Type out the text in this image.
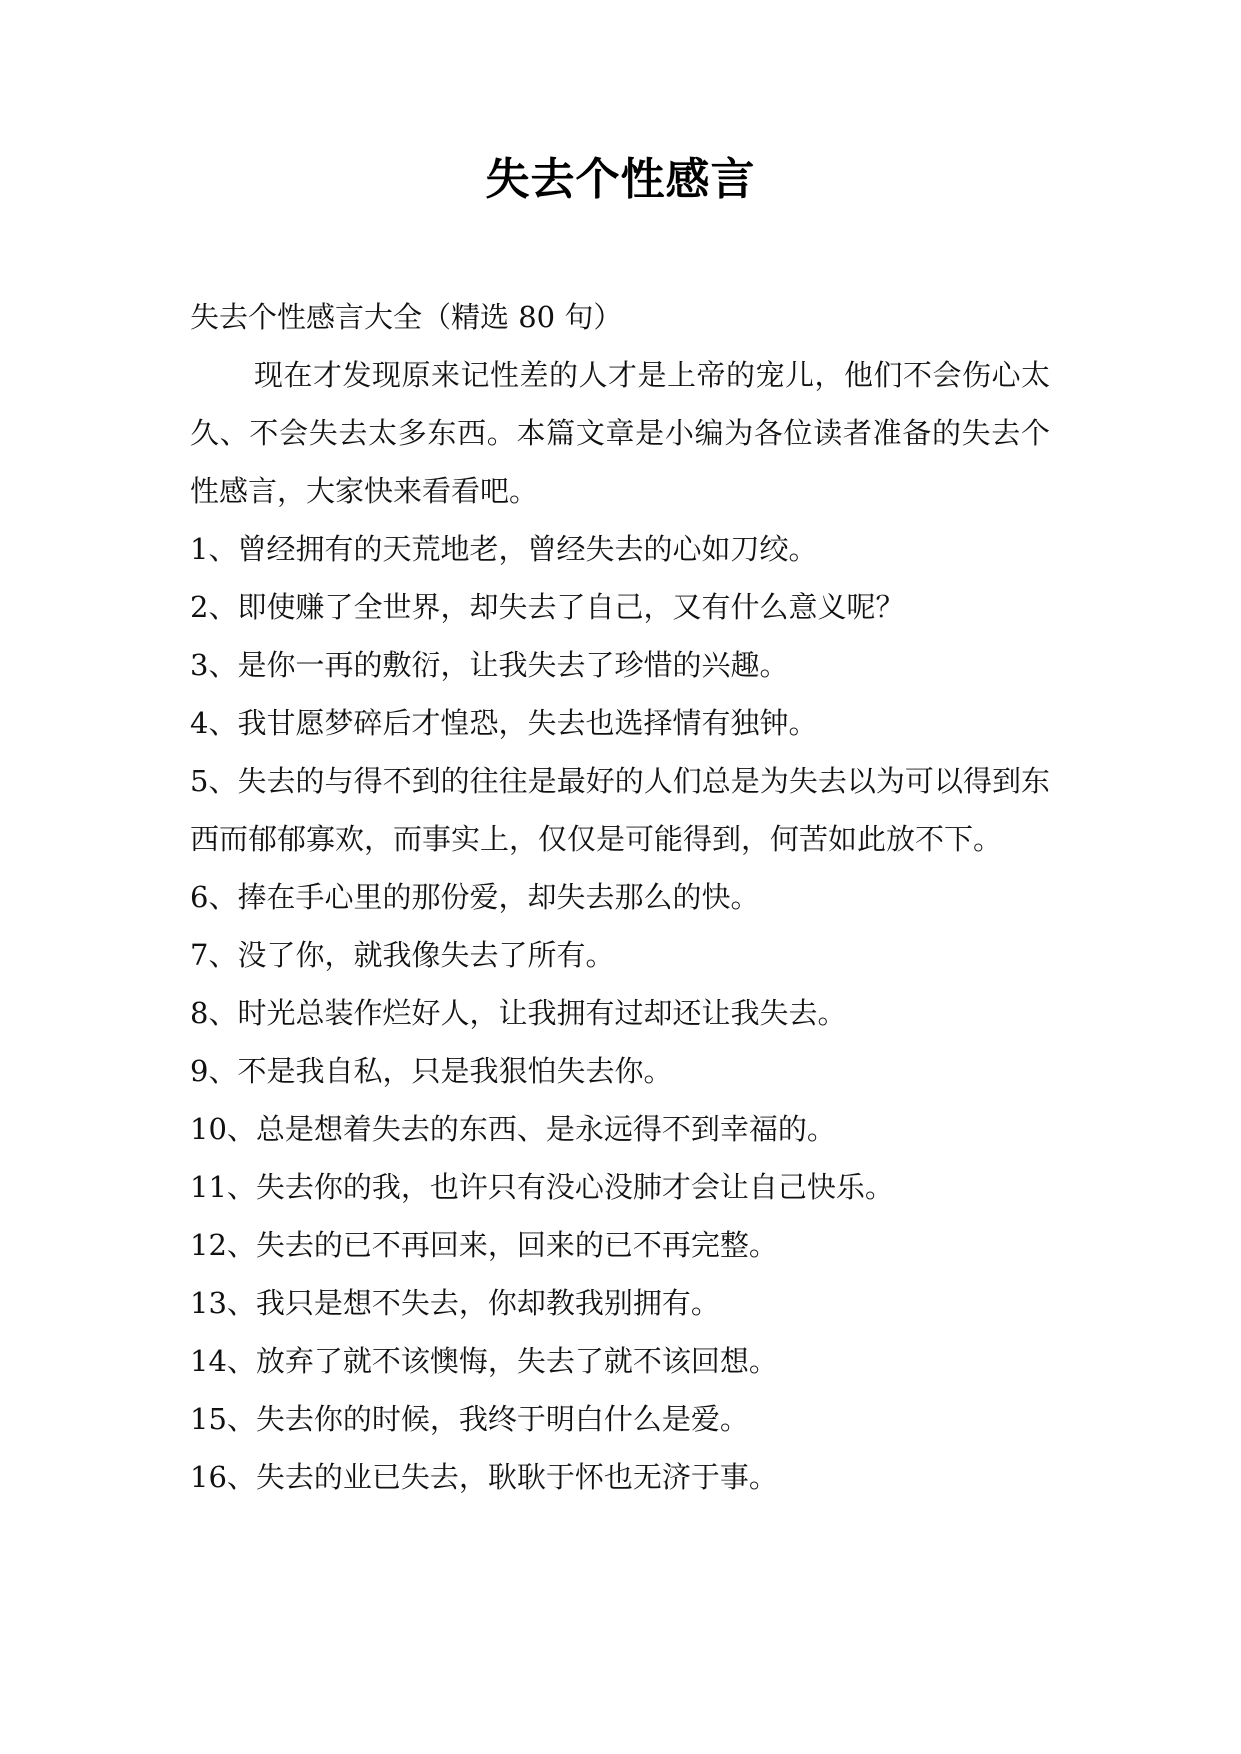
失去个性感言

失去个性感言大全（精选 80 句）

现在才发现原来记性差的人才是上帝的宠儿，他们不会伤心太久、不会失去太多东西。本篇文章是小编为各位读者准备的失去个性感言，大家快来看看吧。

1、曾经拥有的天荒地老，曾经失去的心如刀绞。

2、即使赚了全世界，却失去了自己，又有什么意义呢？

3、是你一再的敷衍，让我失去了珍惜的兴趣。

4、我甘愿梦碎后才惶恐，失去也选择情有独钟。

5、失去的与得不到的往往是最好的人们总是为失去以为可以得到东西而郁郁寡欢，而事实上，仅仅是可能得到，何苦如此放不下。

6、捧在手心里的那份爱，却失去那么的快。

7、没了你，就我像失去了所有。

8、时光总装作烂好人，让我拥有过却还让我失去。

9、不是我自私，只是我狠怕失去你。

10、总是想着失去的东西、是永远得不到幸福的。

11、失去你的我，也许只有没心没肺才会让自己快乐。

12、失去的已不再回来，回来的已不再完整。

13、我只是想不失去，你却教我别拥有。

14、放弃了就不该懊悔，失去了就不该回想。

15、失去你的时候，我终于明白什么是爱。

16、失去的业已失去，耿耿于怀也无济于事。
